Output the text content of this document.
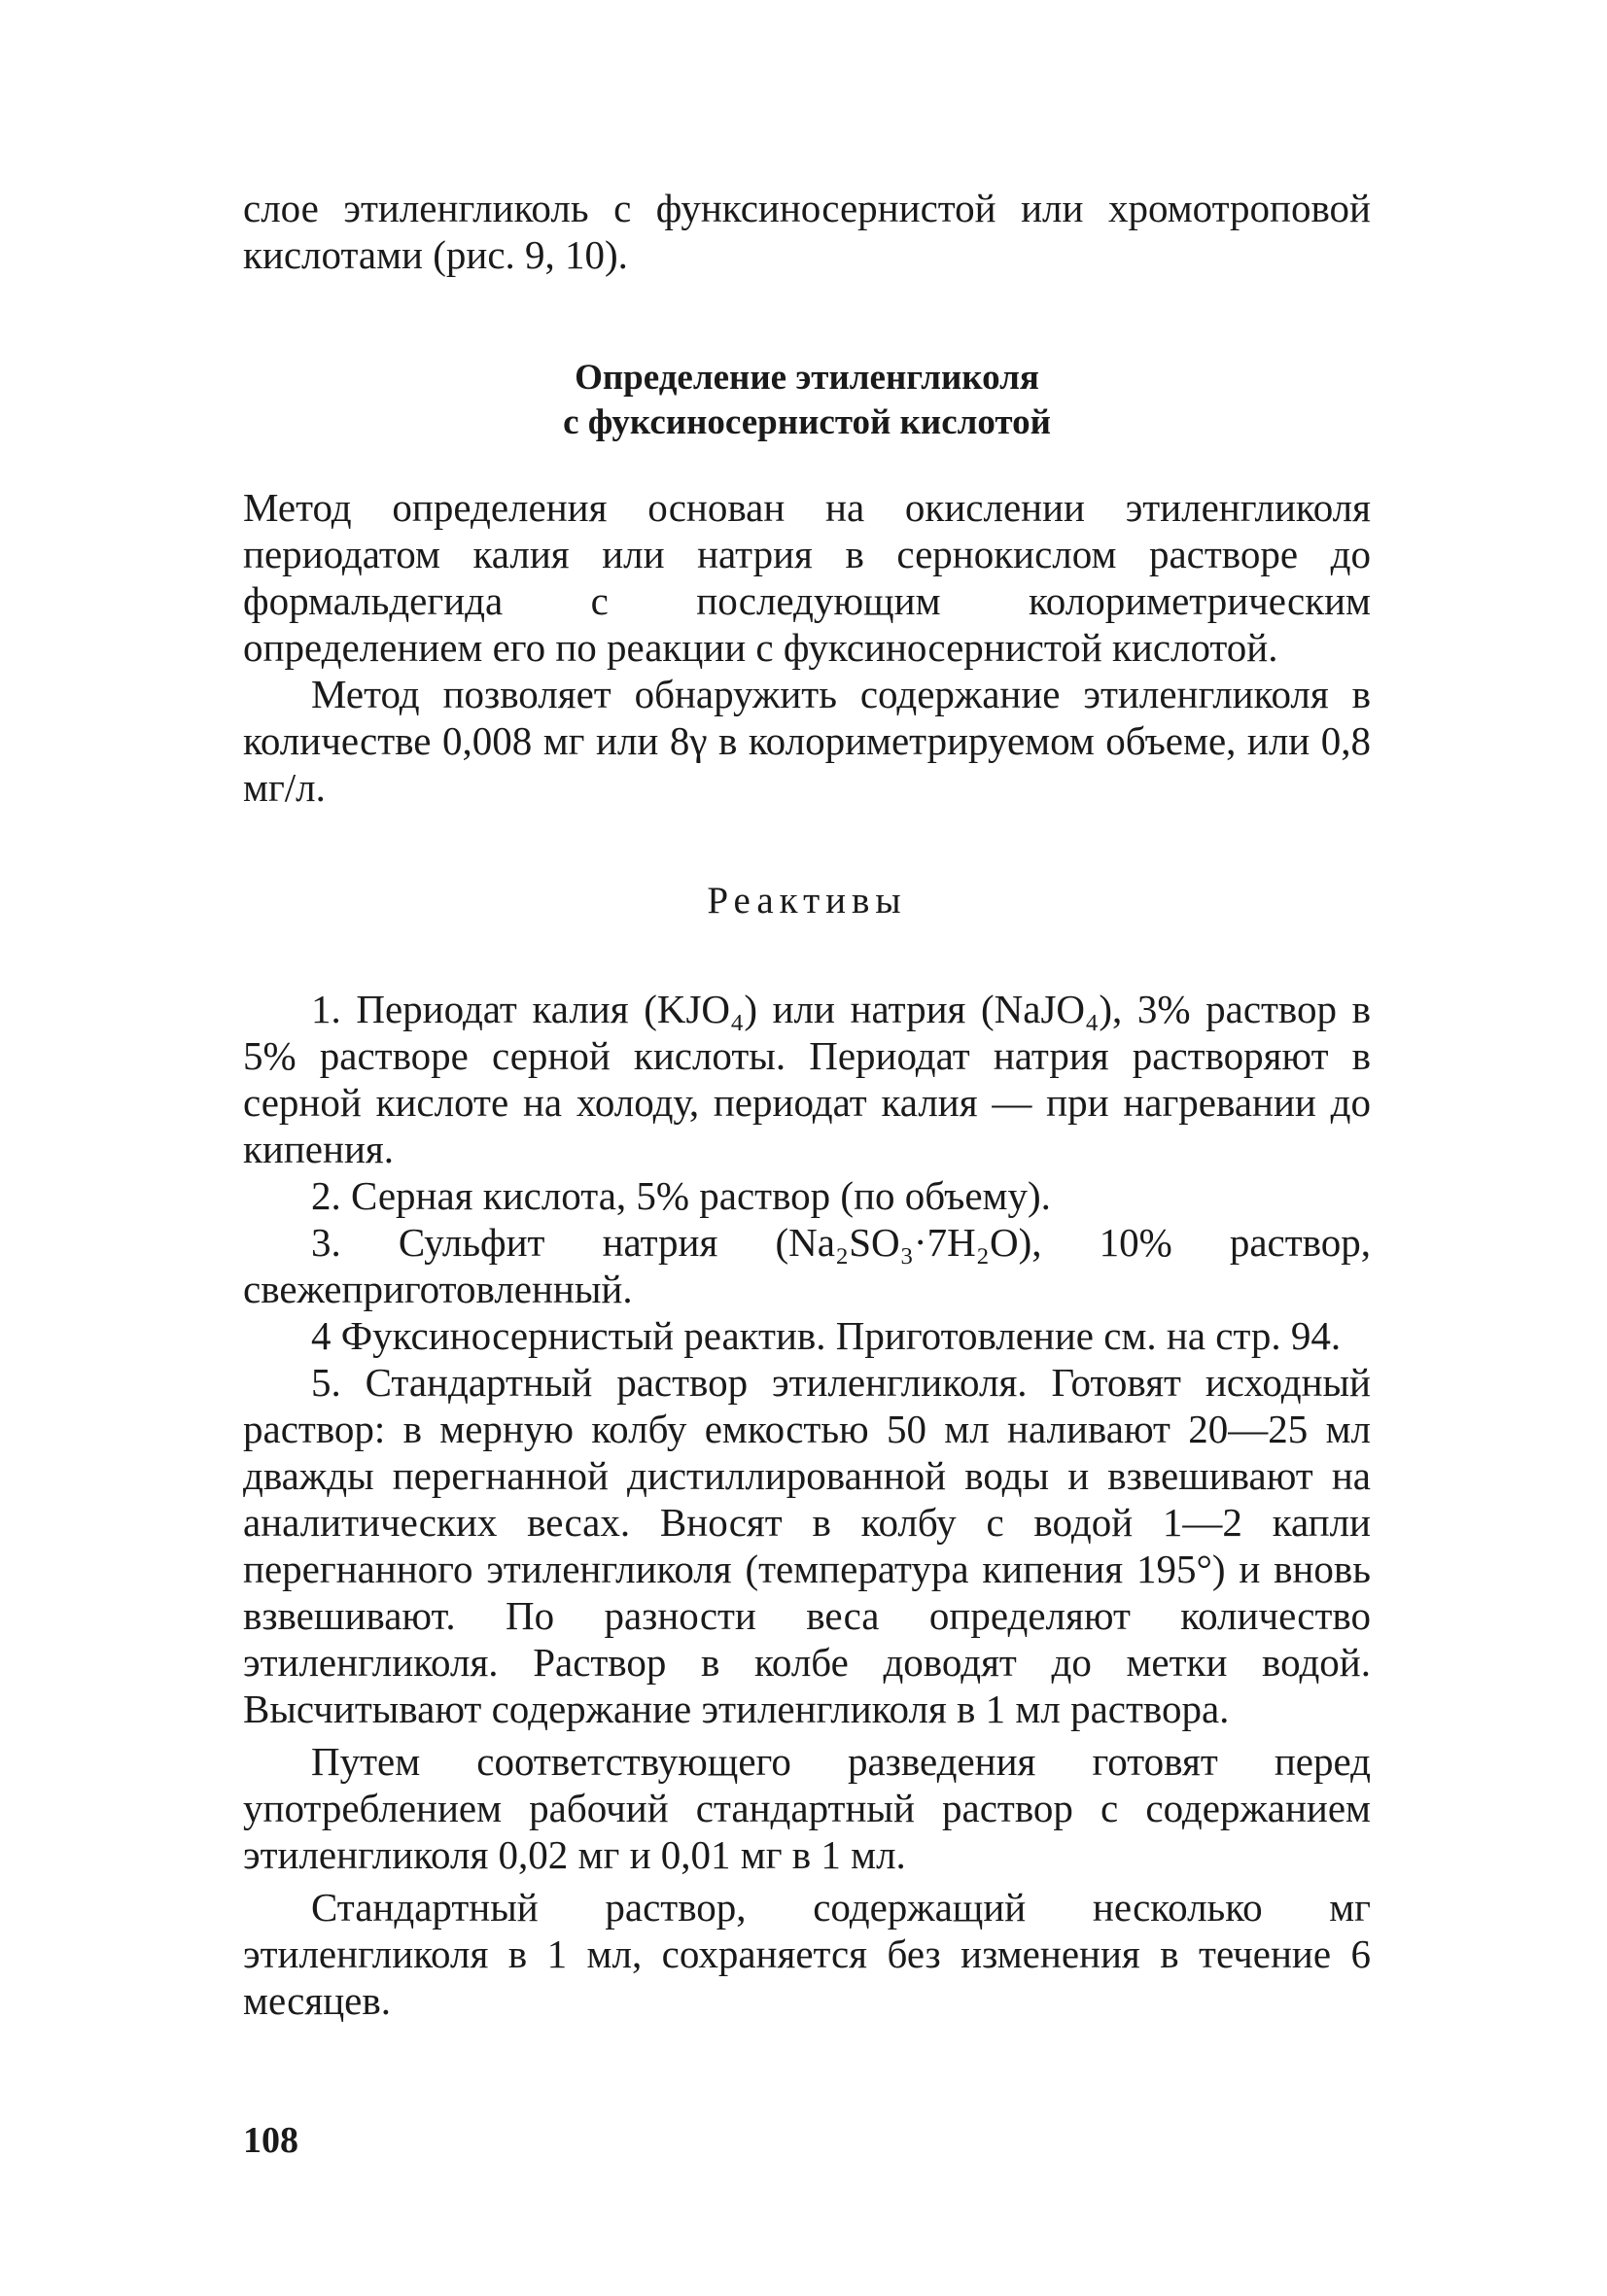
слое этиленгликоль с функсиносернистой или хромотроповой кислотами (рис. 9, 10).

Определение этиленгликоля

с фуксиносернистой кислотой

Метод определения основан на окислении этиленгликоля периодатом калия или натрия в сернокислом растворе до формальдегида с последующим колориметрическим определением его по реакции с фуксиносернистой кислотой.

Метод позволяет обнаружить содержание этиленгликоля в количестве 0,008 мг или 8γ в колориметрируемом объеме, или 0,8 мг/л.

Реактивы

1. Периодат калия (KJO₄) или натрия (NaJO₄), 3% раствор в 5% растворе серной кислоты. Периодат натрия растворяют в серной кислоте на холоду, периодат калия — при нагревании до кипения.

2. Серная кислота, 5% раствор (по объему).

3. Сульфит натрия (Na₂SO₃·7H₂O), 10% раствор, свежеприготовленный.

4 Фуксиносернистый реактив. Приготовление см. на стр. 94.

5. Стандартный раствор этиленгликоля. Готовят исходный раствор: в мерную колбу емкостью 50 мл наливают 20—25 мл дважды перегнанной дистиллированной воды и взвешивают на аналитических весах. Вносят в колбу с водой 1—2 капли перегнанного этиленгликоля (температура кипения 195°) и вновь взвешивают. По разности веса определяют количество этиленгликоля. Раствор в колбе доводят до метки водой. Высчитывают содержание этиленгликоля в 1 мл раствора.

Путем соответствующего разведения готовят перед употреблением рабочий стандартный раствор с содержанием этиленгликоля 0,02 мг и 0,01 мг в 1 мл.

Стандартный раствор, содержащий несколько мг этиленгликоля в 1 мл, сохраняется без изменения в течение 6 месяцев.

108
